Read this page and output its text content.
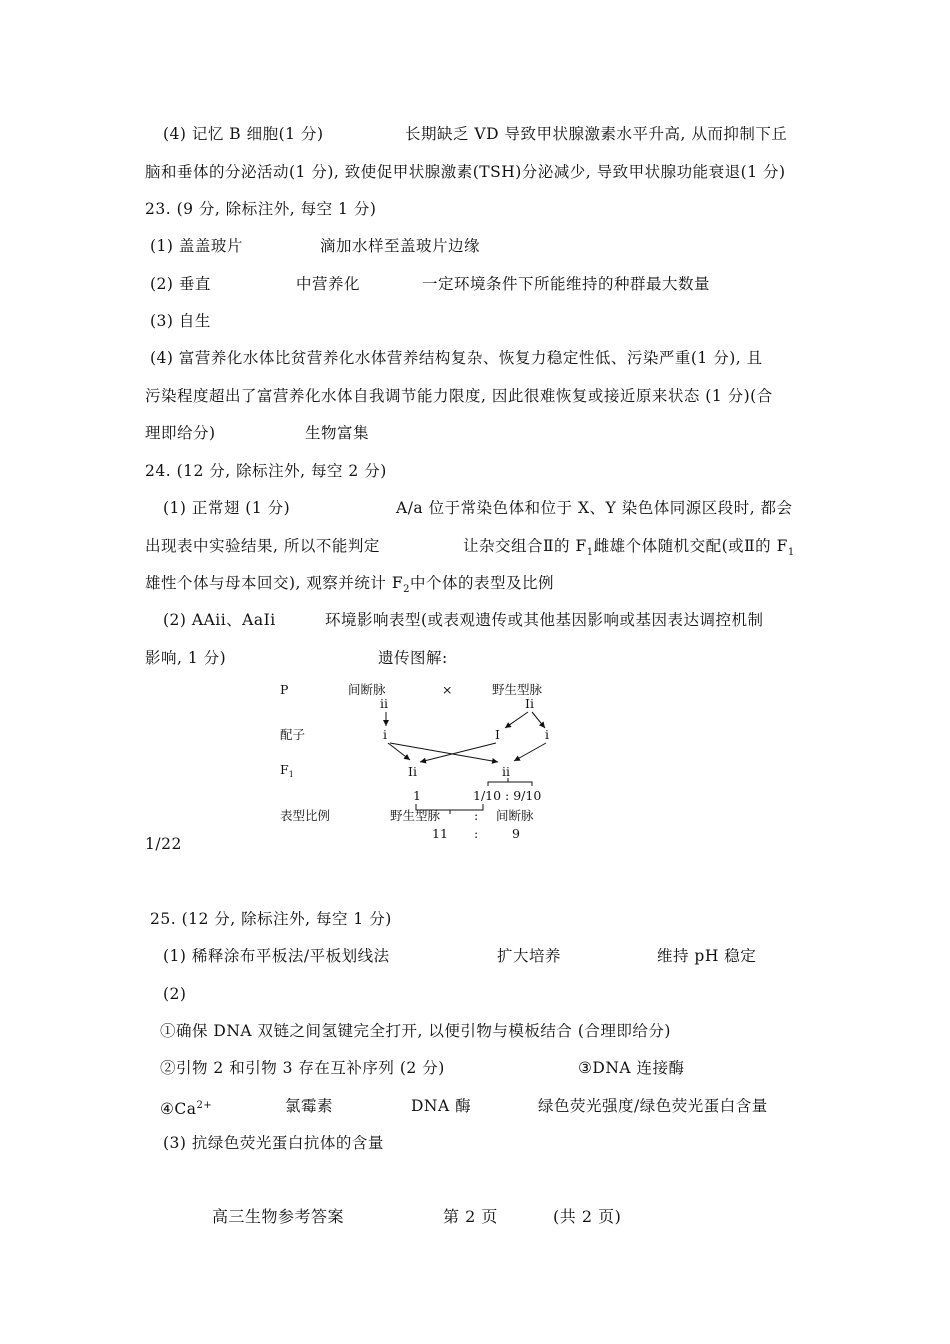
(4) 记忆 B 细胞(1 分)	长期缺乏 VD 导致甲状腺激素水平升高, 从而抑制下丘
脑和垂体的分泌活动(1 分), 致使促甲状腺激素(TSH)分泌减少, 导致甲状腺功能衰退(1 分)
23. (9 分, 除标注外, 每空 1 分)
(1) 盖盖玻片	滴加水样至盖玻片边缘
(2) 垂直	中营养化	一定环境条件下所能维持的种群最大数量
(3) 自生
(4) 富营养化水体比贫营养化水体营养结构复杂、恢复力稳定性低、污染严重(1 分), 且
污染程度超出了富营养化水体自我调节能力限度, 因此很难恢复或接近原来状态 (1 分)(合
理即给分)	生物富集
24. (12 分, 除标注外, 每空 2 分)
(1) 正常翅 (1 分)	A/a 位于常染色体和位于 X、Y 染色体同源区段时, 都会
出现表中实验结果, 所以不能判定	让杂交组合Ⅱ的 $F_1$雌雄个体随机交配(或Ⅱ的 $F_1$
雄性个体与母本回交), 观察并统计 $F_2$中个体的表型及比例
(2) AAii、AaIi	环境影响表型(或表观遗传或其他基因影响或基因表达调控机制
影响, 1 分)	遗传图解:
P	间断脉	×	野生型脉
ii	Ii
配子	i	I	i
$F_1$	Ii	ii
1	1/10 : 9/10
表型比例	野生型脉	: 间断脉
11 :	9
1/22
25. (12 分, 除标注外, 每空 1 分)
(1) 稀释涂布平板法/平板划线法	扩大培养	维持 pH 稳定
(2)
①确保 DNA 双链之间氢键完全打开, 以便引物与模板结合 (合理即给分)
②引物 2 和引物 3 存在互补序列 (2 分)	③DNA 连接酶
$④Ca^{2+}$	氯霉素	DNA 酶	绿色荧光强度/绿色荧光蛋白含量
(3) 抗绿色荧光蛋白抗体的含量
高三生物参考答案	第 2 页	(共 2 页)
